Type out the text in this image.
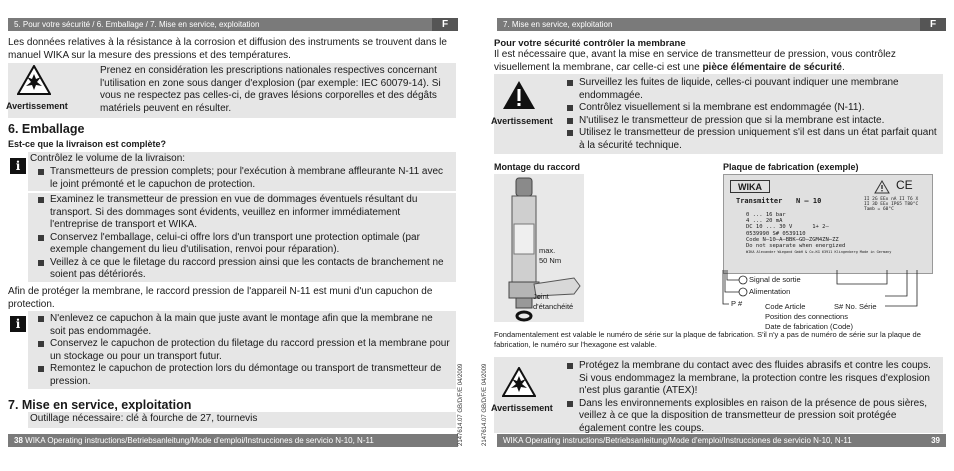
5. Pour votre sécurité / 6. Emballage / 7. Mise en service, exploitation	F
Les données relatives à la résistance à la corrosion et diffusion des instruments se trouvent dans le manuel WIKA sur la mesure des pressions et des températures.
Avertissement
Prenez en considération les prescriptions nationales respectives concernant l'utilisation en zone sous danger d'explosion (par exemple: IEC 60079-14). Si vous ne respectez pas celles-ci, de graves lésions corporelles et des dégâts matériels peuvent en résulter.
6. Emballage
Est-ce que la livraison est complète?
i
Contrôlez le volume de la livraison:
Transmetteurs de pression complets; pour l'exécution à membrane affleurante N-11 avec le joint prémonté et le capuchon de protection.
Examinez le transmetteur de pression en vue de dommages éventuels résultant du transport. Si des dommages sont évidents, veuillez en informer immédiatement l'entreprise de transport et WIKA.
Conservez l'emballage, celui-ci offre lors d'un transport une protection optimale (par exemple changement du lieu d'utilisation, renvoi pour réparation).
Veillez à ce que le filetage du raccord pression ainsi que les contacts de branchement ne soient pas détériorés.
Afin de protéger la membrane, le raccord pression de l'appareil N-11 est muni d'un capuchon de protection.
i	N'enlevez ce capuchon à la main que juste avant le montage afin que la membrane ne soit pas endommagée.
Conservez le capuchon de protection du filetage du raccord pression et la membrane pour un stockage ou pour un transport futur.
Remontez le capuchon de protection lors du démontage ou transport de transmetteur de pression.
7. Mise en service, exploitation
Outillage nécessaire: clé à fourche de 27, tournevis
38 WIKA Operating instructions/Betriebsanleitung/Mode d'emploi/Instrucciones de servicio N-10, N-11	2147614.07 GB/D/F/E 04/2009	2147614.07 GB/D/F/E 04/2009
7. Mise en service, exploitation	F
Pour votre sécurité contrôler la membrane
Il est nécessaire que, avant la mise en service de transmetteur de pression, vous contrôlez visuellement la membrane, car celle-ci est une pièce élémentaire de sécurité.
Avertissement
Surveillez les fuites de liquide, celles-ci pouvant indiquer une membrane endommagée.
Contrôlez visuellement si la membrane est endommagée (N-11).
N'utilisez le transmetteur de pression que si la membrane est intacte.
Utilisez le transmetteur de pression uniquement s'il est dans un état parfait quant à la sécurité technique.
Montage du raccord
max.
50 Nm
Joint
d'étanchéité
Plaque de fabrication (exemple)
WIKA	CE
Transmitter N – 10	II 2G EEx nA II T6 X
II 3D EEx IP65 T80°C
Tamb = 60°C
0 ... 16 bar
4 ... 20 mA
DC 10 ... 30 V	1+ 2–
0539990 S# 0539110
Code N–10–A–BBK–GD–ZGM4ZN–ZZ
Do not separate when energized
WIKA Alexander Wiegand GmbH & Co.KG 63911 Klingenberg Made in Germany
Signal de sortie
Alimentation
P #	Code Article	S# No. Série
Position des connections
Date de fabrication (Code)
Fondamentalement est valable le numéro de série sur la plaque de fabrication. S'il n'y a pas de numéro de série sur la plaque de fabrication, le numéro sur l'hexagone est valable.
Avertissement
Protégez la membrane du contact avec des fluides abrasifs et contre les coups. Si vous endommagez la membrane, la protection contre les risques d'explosion n'est plus garantie (ATEX)!
Dans les environnements explosibles en raison de la présence de pous sières, veillez à ce que la disposition de transmetteur de pression soit protégée également contre les coups.
WIKA Operating instructions/Betriebsanleitung/Mode d'emploi/Instrucciones de servicio N-10, N-11	39
